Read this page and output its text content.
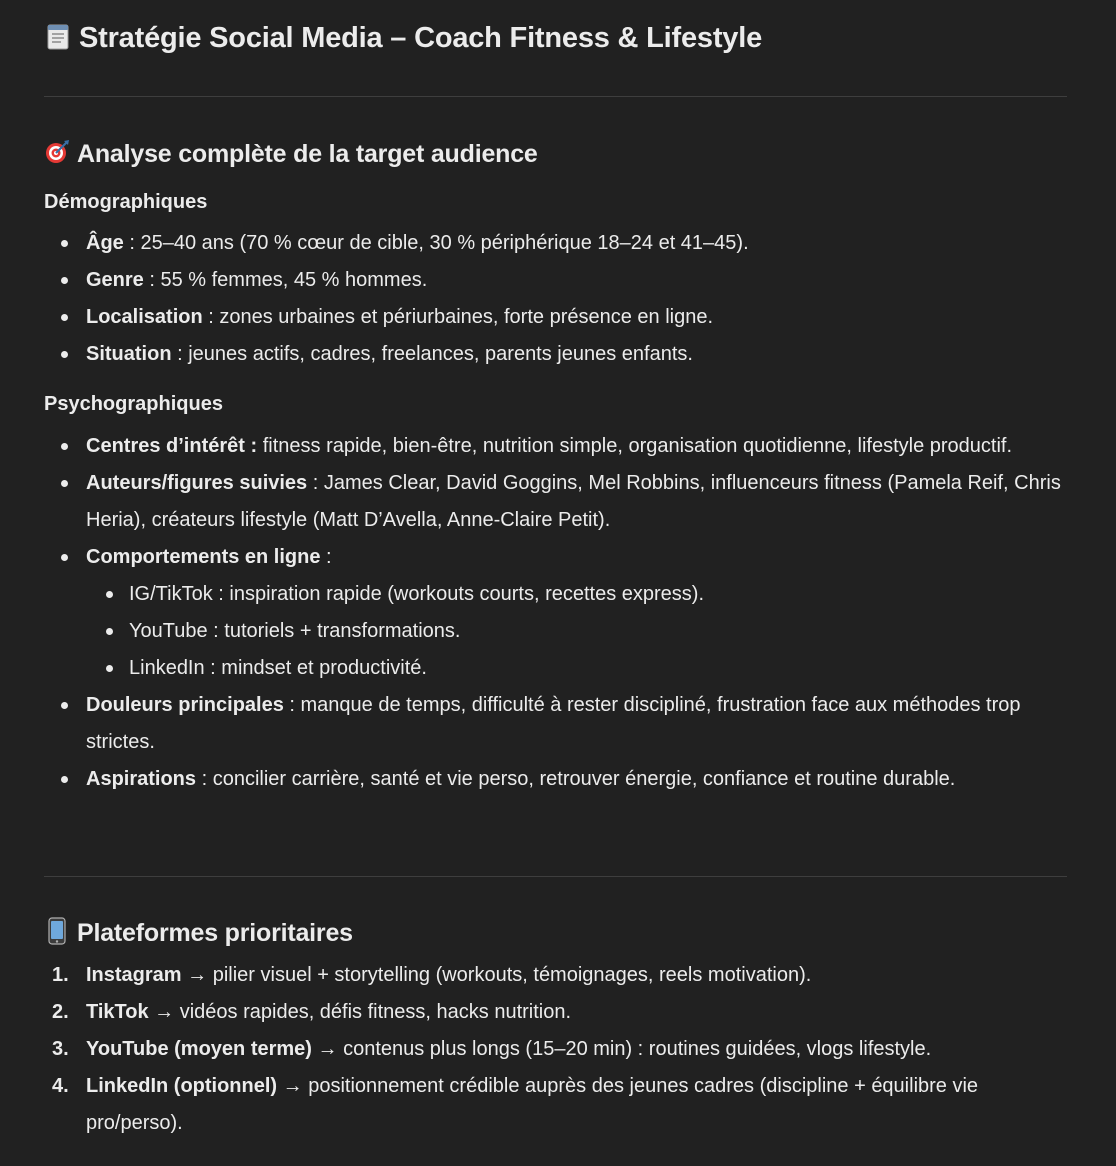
Stratégie Social Media – Coach Fitness & Lifestyle
Analyse complète de la target audience
Démographiques
Âge : 25–40 ans (70 % cœur de cible, 30 % périphérique 18–24 et 41–45).
Genre : 55 % femmes, 45 % hommes.
Localisation : zones urbaines et périurbaines, forte présence en ligne.
Situation : jeunes actifs, cadres, freelances, parents jeunes enfants.
Psychographiques
Centres d’intérêt : fitness rapide, bien-être, nutrition simple, organisation quotidienne, lifestyle productif.
Auteurs/figures suivies : James Clear, David Goggins, Mel Robbins, influenceurs fitness (Pamela Reif, Chris Heria), créateurs lifestyle (Matt D’Avella, Anne-Claire Petit).
Comportements en ligne :
IG/TikTok : inspiration rapide (workouts courts, recettes express).
YouTube : tutoriels + transformations.
LinkedIn : mindset et productivité.
Douleurs principales : manque de temps, difficulté à rester discipliné, frustration face aux méthodes trop strictes.
Aspirations : concilier carrière, santé et vie perso, retrouver énergie, confiance et routine durable.
Plateformes prioritaires
1. Instagram → pilier visuel + storytelling (workouts, témoignages, reels motivation).
2. TikTok → vidéos rapides, défis fitness, hacks nutrition.
3. YouTube (moyen terme) → contenus plus longs (15–20 min) : routines guidées, vlogs lifestyle.
4. LinkedIn (optionnel) → positionnement crédible auprès des jeunes cadres (discipline + équilibre vie pro/perso).
